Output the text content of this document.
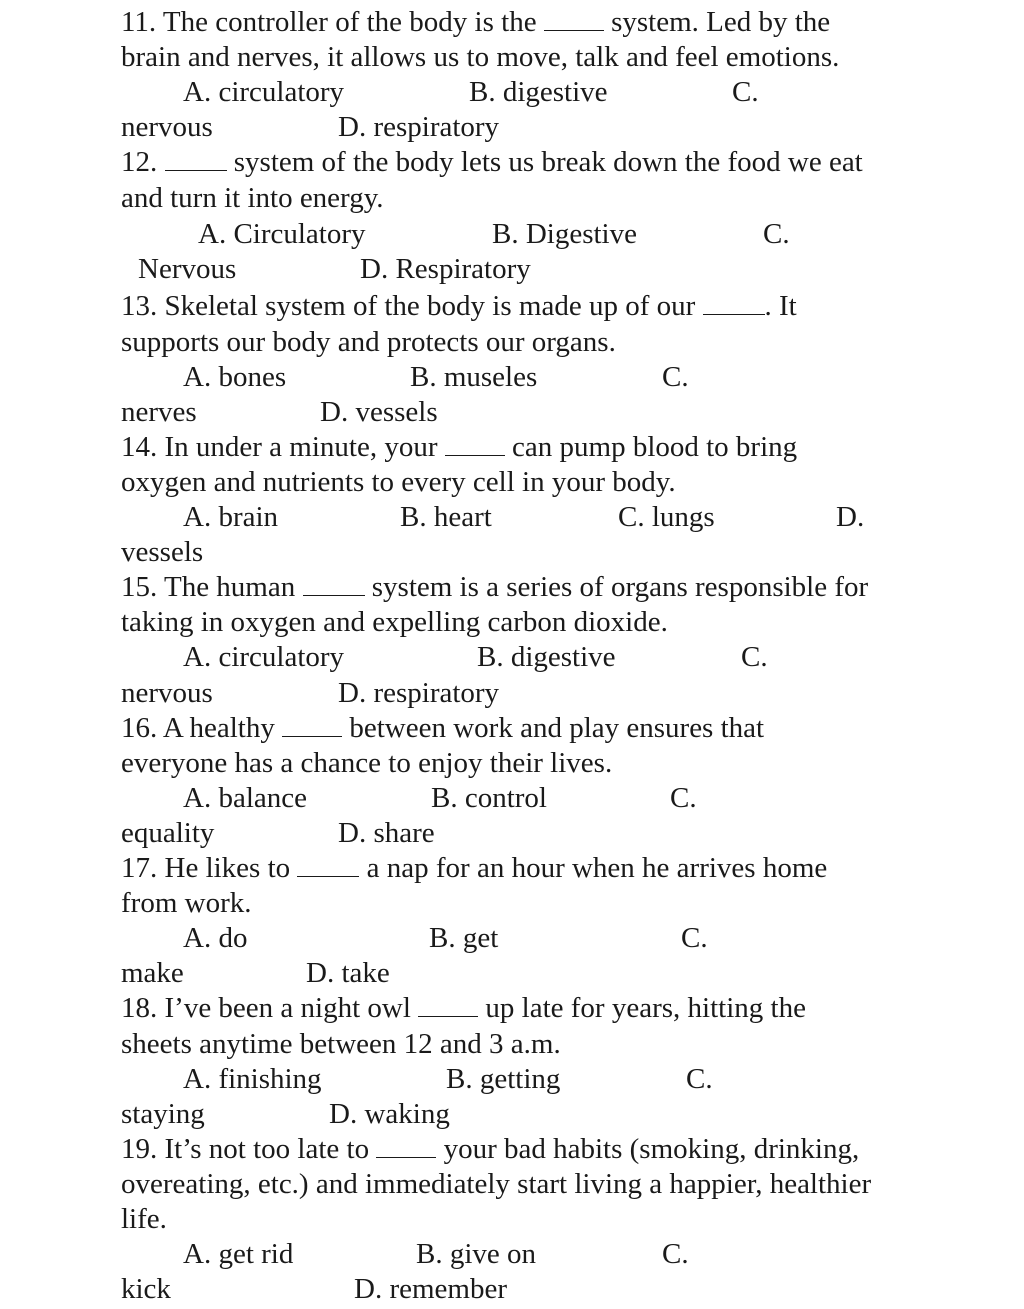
11. The controller of the body is the  system. Led by the
brain and nerves, it allows us to move, talk and feel emotions.
A. circulatory	B. digestive	C.
nervous	D. respiratory
12.  system of the body lets us break down the food we eat
and turn it into energy.
A. Circulatory	B. Digestive	C.
Nervous	D. Respiratory
13. Skeletal system of the body is made up of our . It
supports our body and protects our organs.
A. bones	B. museles	C.
nerves	D. vessels
14. In under a minute, your  can pump blood to bring
oxygen and nutrients to every cell in your body.
A. brain	B. heart	C. lungs	D.
vessels
15. The human  system is a series of organs responsible for
taking in oxygen and expelling carbon dioxide.
A. circulatory	B. digestive	C.
nervous	D. respiratory
16. A healthy  between work and play ensures that
everyone has a chance to enjoy their lives.
A. balance	B. control	C.
equality	D. share
17. He likes to  a nap for an hour when he arrives home
from work.
A. do	B. get	C.
make	D. take
18. I’ve been a night owl  up late for years, hitting the
sheets anytime between 12 and 3 a.m.
A. finishing	B. getting	C.
staying	D. waking
19. It’s not too late to  your bad habits (smoking, drinking,
overeating, etc.) and immediately start living a happier, healthier
life.
A. get rid	B. give on	C.
kick	D. remember
